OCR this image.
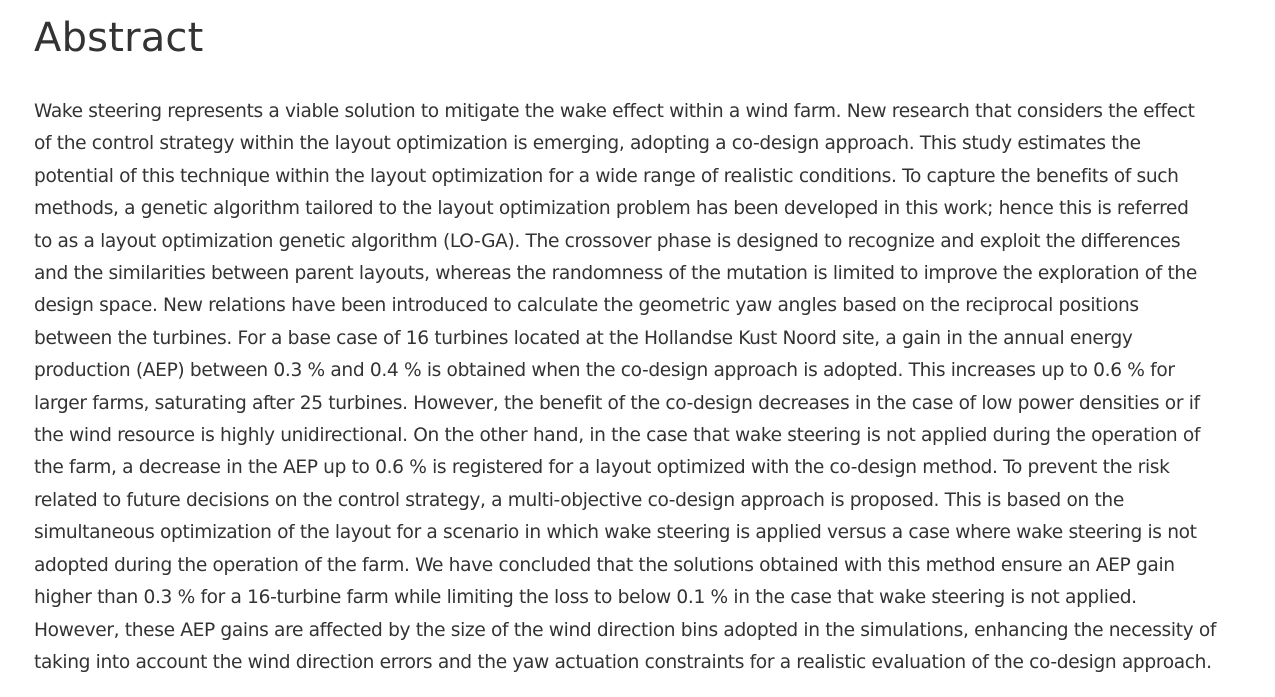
Abstract

Wake steering represents a viable solution to mitigate the wake effect within a wind farm. New research that considers the effect
of the control strategy within the layout optimization is emerging, adopting a co-design approach. This study estimates the
potential of this technique within the layout optimization for a wide range of realistic conditions. To capture the benefits of such
methods, a genetic algorithm tailored to the layout optimization problem has been developed in this work; hence this is referred
to as a layout optimization genetic algorithm (LO-GA). The crossover phase is designed to recognize and exploit the differences
and the similarities between parent layouts, whereas the randomness of the mutation is limited to improve the exploration of the
design space. New relations have been introduced to calculate the geometric yaw angles based on the reciprocal positions
between the turbines. For a base case of 16 turbines located at the Hollandse Kust Noord site, a gain in the annual energy
production (AEP) between 0.3 % and 0.4 % is obtained when the co-design approach is adopted. This increases up to 0.6 % for
larger farms, saturating after 25 turbines. However, the benefit of the co-design decreases in the case of low power densities or if
the wind resource is highly unidirectional. On the other hand, in the case that wake steering is not applied during the operation of
the farm, a decrease in the AEP up to 0.6 % is registered for a layout optimized with the co-design method. To prevent the risk
related to future decisions on the control strategy, a multi-objective co-design approach is proposed. This is based on the
simultaneous optimization of the layout for a scenario in which wake steering is applied versus a case where wake steering is not
adopted during the operation of the farm. We have concluded that the solutions obtained with this method ensure an AEP gain
higher than 0.3 % for a 16-turbine farm while limiting the loss to below 0.1 % in the case that wake steering is not applied.
However, these AEP gains are affected by the size of the wind direction bins adopted in the simulations, enhancing the necessity of
taking into account the wind direction errors and the yaw actuation constraints for a realistic evaluation of the co-design approach.
